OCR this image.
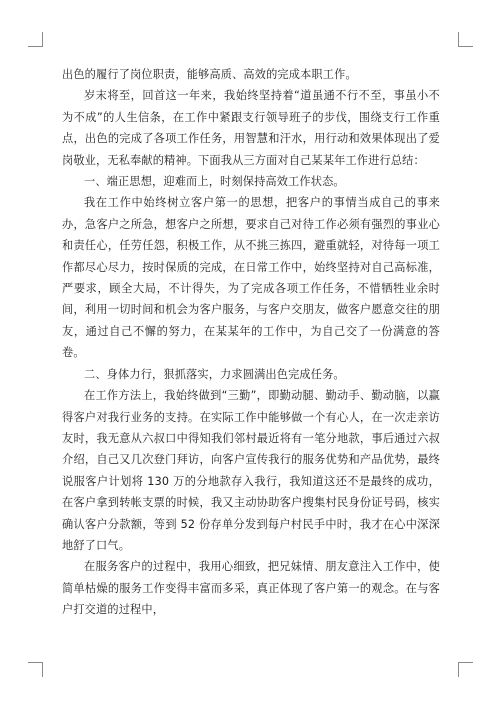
出色的履行了岗位职责，能够高质、高效的完成本职工作。

岁末将至，回首这一年来，我始终坚持着“道虽通不行不至，事虽小不为不成”的人生信条，在工作中紧跟支行领导班子的步伐，围绕支行工作重点，出色的完成了各项工作任务，用智慧和汗水，用行动和效果体现出了爱岗敬业，无私奉献的精神。下面我从三方面对自己某某年工作进行总结：

一、端正思想，迎难而上，时刻保持高效工作状态。

我在工作中始终树立客户第一的思想，把客户的事情当成自己的事来办，急客户之所急，想客户之所想，要求自己对待工作必须有强烈的事业心和责任心，任劳任怨，积极工作，从不挑三拣四，避重就轻，对待每一项工作都尽心尽力，按时保质的完成，在日常工作中，始终坚持对自己高标准，严要求，顾全大局，不计得失，为了完成各项工作任务，不惜牺牲业余时间，利用一切时间和机会为客户服务，与客户交朋友，做客户愿意交往的朋友，通过自己不懈的努力，在某某年的工作中，为自己交了一份满意的答卷。

二、身体力行，狠抓落实，力求圆满出色完成任务。

在工作方法上，我始终做到“三勤”，即勤动腿、勤动手、勤动脑，以赢得客户对我行业务的支持。在实际工作中能够做一个有心人，在一次走亲访友时，我无意从六叔口中得知我们邻村最近将有一笔分地款，事后通过六叔介绍，自己又几次登门拜访，向客户宣传我行的服务优势和产品优势，最终说服客户计划将 130 万的分地款存入我行，我知道这还不是最终的成功，在客户拿到转帐支票的时候，我又主动协助客户搜集村民身份证号码，核实确认客户分款额，等到 52 份存单分发到每户村民手中时，我才在心中深深地舒了口气。

在服务客户的过程中，我用心细致，把兄妹情、朋友意注入工作中，使简单枯燥的服务工作变得丰富而多采，真正体现了客户第一的观念。在与客户打交道的过程中，
